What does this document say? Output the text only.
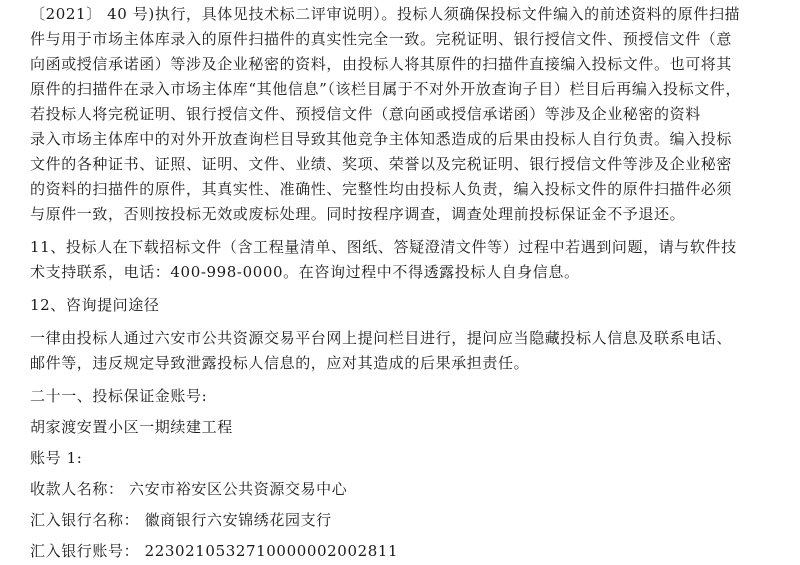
〔2021〕 40 号)执行，具体见技术标二评审说明）。投标人须确保投标文件编入的前述资料的原件扫描
件与用于市场主体库录入的原件扫描件的真实性完全一致。完税证明、银行授信文件、预授信文件（意
向函或授信承诺函）等涉及企业秘密的资料，由投标人将其原件的扫描件直接编入投标文件。也可将其
原件的扫描件在录入市场主体库“其他信息”（该栏目属于不对外开放查询子目）栏目后再编入投标文件，
若投标人将完税证明、银行授信文件、预授信文件（意向函或授信承诺函）等涉及企业秘密的资料
录入市场主体库中的对外开放查询栏目导致其他竞争主体知悉造成的后果由投标人自行负责。编入投标
文件的各种证书、证照、证明、文件、业绩、奖项、荣誉以及完税证明、银行授信文件等涉及企业秘密
的资料的扫描件的原件，其真实性、准确性、完整性均由投标人负责，编入投标文件的原件扫描件必须
与原件一致，否则按投标无效或废标处理。同时按程序调查，调查处理前投标保证金不予退还。
11、投标人在下载招标文件（含工程量清单、图纸、答疑澄清文件等）过程中若遇到问题，请与软件技
术支持联系，电话：400-998-0000。在咨询过程中不得透露投标人自身信息。

12、咨询提问途径

一律由投标人通过六安市公共资源交易平台网上提问栏目进行，提问应当隐藏投标人信息及联系电话、
邮件等，违反规定导致泄露投标人信息的，应对其造成的后果承担责任。

二十一、投标保证金账号:

胡家渡安置小区一期续建工程

账号 1:

收款人名称： 六安市裕安区公共资源交易中心

汇入银行名称： 徽商银行六安锦绣花园支行

汇入银行账号： 2230210532710000002002811
